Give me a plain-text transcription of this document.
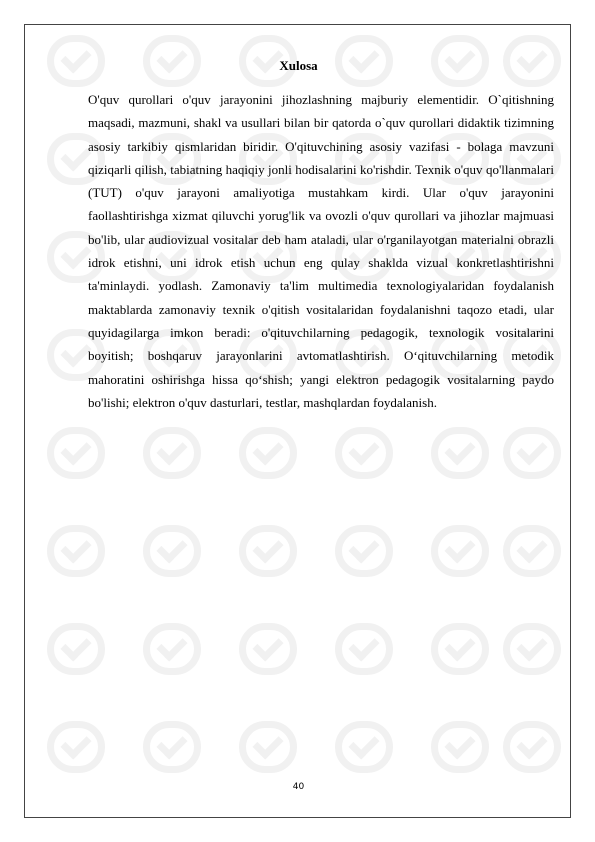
Xulosa

O'quv qurollari o'quv jarayonini jihozlashning majburiy elementidir. O`qitishning maqsadi, mazmuni, shakl va usullari bilan bir qatorda o`quv qurollari didaktik tizimning asosiy tarkibiy qismlaridan biridir. O'qituvchining asosiy vazifasi - bolaga mavzuni qiziqarli qilish, tabiatning haqiqiy jonli hodisalarini ko'rishdir. Texnik o'quv qo'llanmalari (TUT) o'quv jarayoni amaliyotiga mustahkam kirdi. Ular o'quv jarayonini faollashtirishga xizmat qiluvchi yorug'lik va ovozli o'quv qurollari va jihozlar majmuasi bo'lib, ular audiovizual vositalar deb ham ataladi, ular o'rganilayotgan materialni obrazli idrok etishni, uni idrok etish uchun eng qulay shaklda vizual konkretlashtirishni ta'minlaydi. yodlash. Zamonaviy ta'lim multimedia texnologiyalaridan foydalanish maktablarda zamonaviy texnik o'qitish vositalaridan foydalanishni taqozo etadi, ular quyidagilarga imkon beradi: o'qituvchilarning pedagogik, texnologik vositalarini boyitish; boshqaruv jarayonlarini avtomatlashtirish. O‘qituvchilarning metodik mahoratini oshirishga hissa qo‘shish; yangi elektron pedagogik vositalarning paydo bo'lishi; elektron o'quv dasturlari, testlar, mashqlardan foydalanish.

40
